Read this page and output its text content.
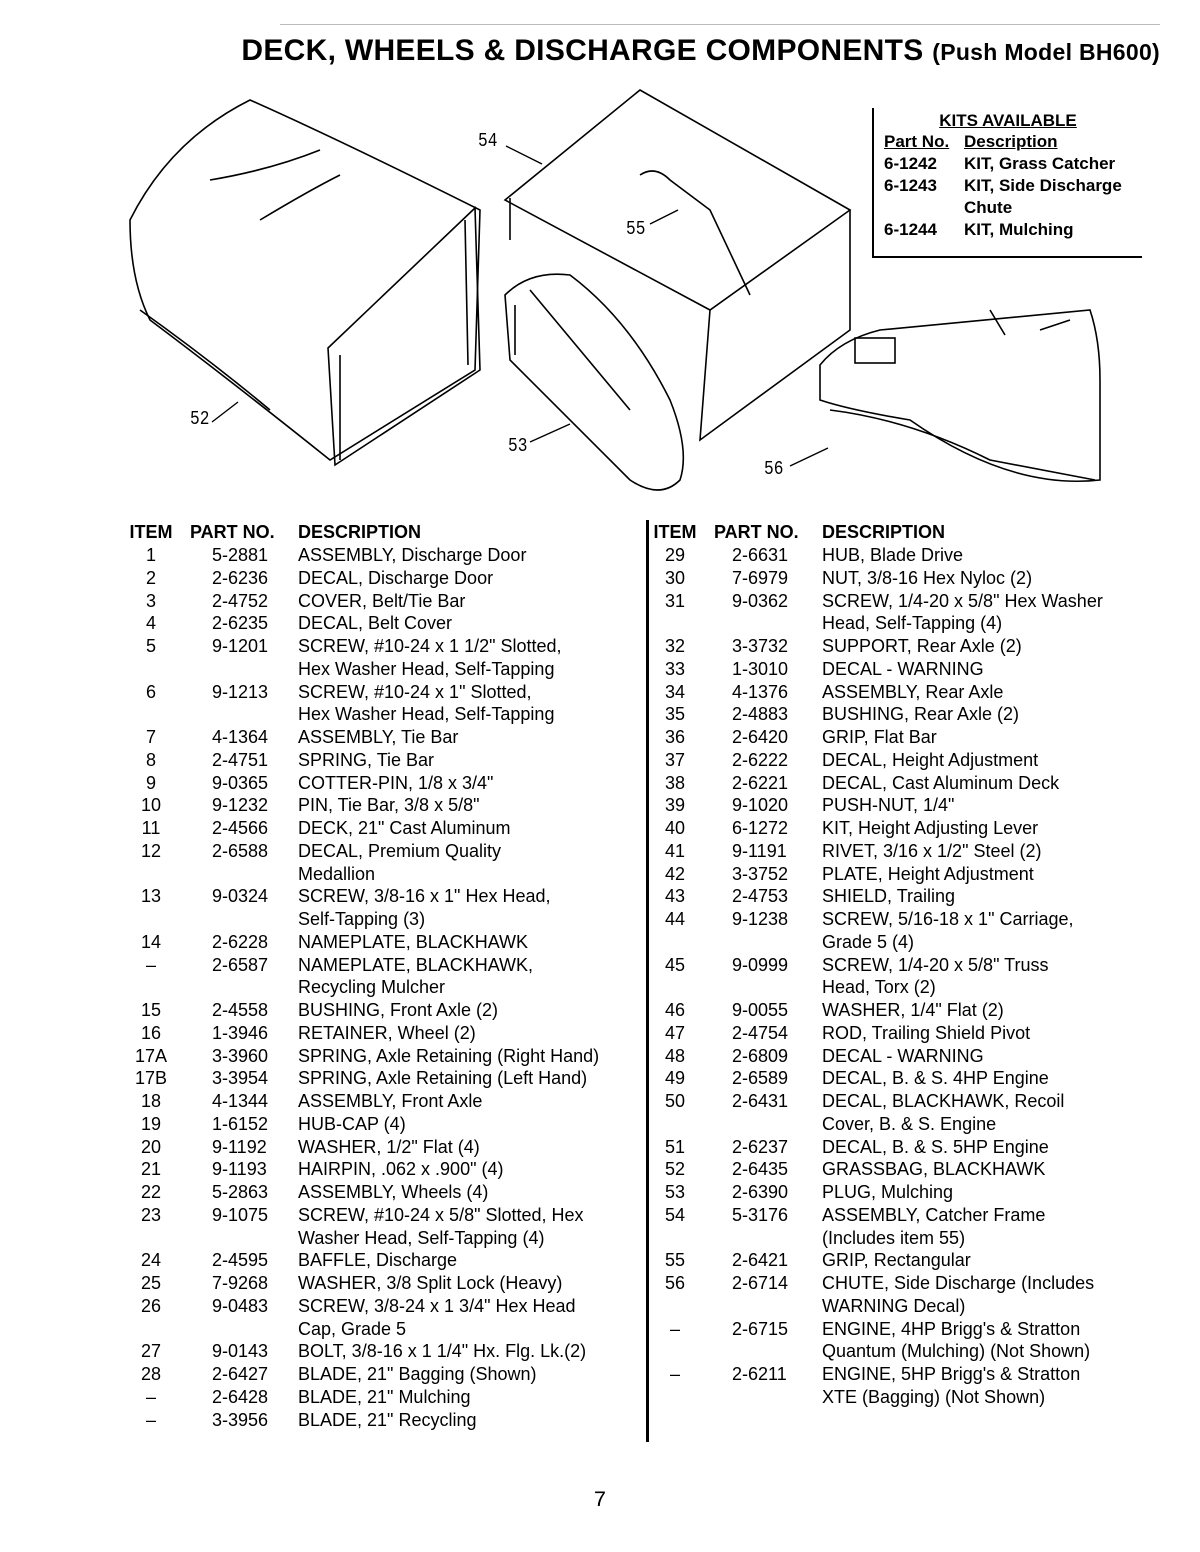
DECK, WHEELS & DISCHARGE COMPONENTS (Push Model BH600)
54
55
52
53
56
KITS AVAILABLE
Part No. Description
6-1242	KIT, Grass Catcher
6-1243	KIT, Side Discharge
Chute
6-1244	KIT, Mulching
ITEM PART NO.	DESCRIPTION
1	5-2881	ASSEMBLY, Discharge Door
2	2-6236	DECAL, Discharge Door
3	2-4752	COVER, Belt/Tie Bar
4	2-6235	DECAL, Belt Cover
5	9-1201	SCREW, #10-24 x 1 1/2" Slotted,
Hex Washer Head, Self-Tapping
6	9-1213	SCREW, #10-24 x 1" Slotted,
Hex Washer Head, Self-Tapping
7	4-1364	ASSEMBLY, Tie Bar
8	2-4751	SPRING, Tie Bar
9	9-0365	COTTER-PIN, 1/8 x 3/4"
10	9-1232	PIN, Tie Bar, 3/8 x 5/8"
11	2-4566	DECK, 21" Cast Aluminum
12	2-6588	DECAL, Premium Quality
Medallion
13	9-0324	SCREW, 3/8-16 x 1" Hex Head,
Self-Tapping (3)
14	2-6228	NAMEPLATE, BLACKHAWK
–	2-6587	NAMEPLATE, BLACKHAWK,
Recycling Mulcher
15	2-4558	BUSHING, Front Axle (2)
16	1-3946	RETAINER, Wheel (2)
17A	3-3960	SPRING, Axle Retaining (Right Hand)
17B	3-3954	SPRING, Axle Retaining (Left Hand)
18	4-1344	ASSEMBLY, Front Axle
19	1-6152	HUB-CAP (4)
20	9-1192	WASHER, 1/2" Flat (4)
21	9-1193	HAIRPIN, .062 x .900" (4)
22	5-2863	ASSEMBLY, Wheels (4)
23	9-1075	SCREW, #10-24 x 5/8" Slotted, Hex
Washer Head, Self-Tapping (4)
24	2-4595	BAFFLE, Discharge
25	7-9268	WASHER, 3/8 Split Lock (Heavy)
26	9-0483	SCREW, 3/8-24 x 1 3/4" Hex Head
Cap, Grade 5
27	9-0143	BOLT, 3/8-16 x 1 1/4" Hx. Flg. Lk.(2)
28	2-6427	BLADE, 21" Bagging (Shown)
–	2-6428	BLADE, 21" Mulching
–	3-3956	BLADE, 21" Recycling
ITEM PART NO.	DESCRIPTION
29	2-6631	HUB, Blade Drive
30	7-6979	NUT, 3/8-16 Hex Nyloc (2)
31	9-0362	SCREW, 1/4-20 x 5/8" Hex Washer
Head, Self-Tapping (4)
32	3-3732	SUPPORT, Rear Axle (2)
33	1-3010	DECAL - WARNING
34	4-1376	ASSEMBLY, Rear Axle
35	2-4883	BUSHING, Rear Axle (2)
36	2-6420	GRIP, Flat Bar
37	2-6222	DECAL, Height Adjustment
38	2-6221	DECAL, Cast Aluminum Deck
39	9-1020	PUSH-NUT, 1/4"
40	6-1272	KIT, Height Adjusting Lever
41	9-1191	RIVET, 3/16 x 1/2" Steel (2)
42	3-3752	PLATE, Height Adjustment
43	2-4753	SHIELD, Trailing
44	9-1238	SCREW, 5/16-18 x 1" Carriage,
Grade 5 (4)
45	9-0999	SCREW, 1/4-20 x 5/8" Truss
Head, Torx (2)
46	9-0055	WASHER, 1/4" Flat (2)
47	2-4754	ROD, Trailing Shield Pivot
48	2-6809	DECAL - WARNING
49	2-6589	DECAL, B. & S. 4HP Engine
50	2-6431	DECAL, BLACKHAWK, Recoil
Cover, B. & S. Engine
51	2-6237	DECAL, B. & S. 5HP Engine
52	2-6435	GRASSBAG, BLACKHAWK
53	2-6390	PLUG, Mulching
54	5-3176	ASSEMBLY, Catcher Frame
(Includes item 55)
55	2-6421	GRIP, Rectangular
56	2-6714	CHUTE, Side Discharge (Includes
WARNING Decal)
–	2-6715	ENGINE, 4HP Brigg's & Stratton
Quantum (Mulching) (Not Shown)
–	2-6211	ENGINE, 5HP Brigg's & Stratton
XTE (Bagging) (Not Shown)
7
